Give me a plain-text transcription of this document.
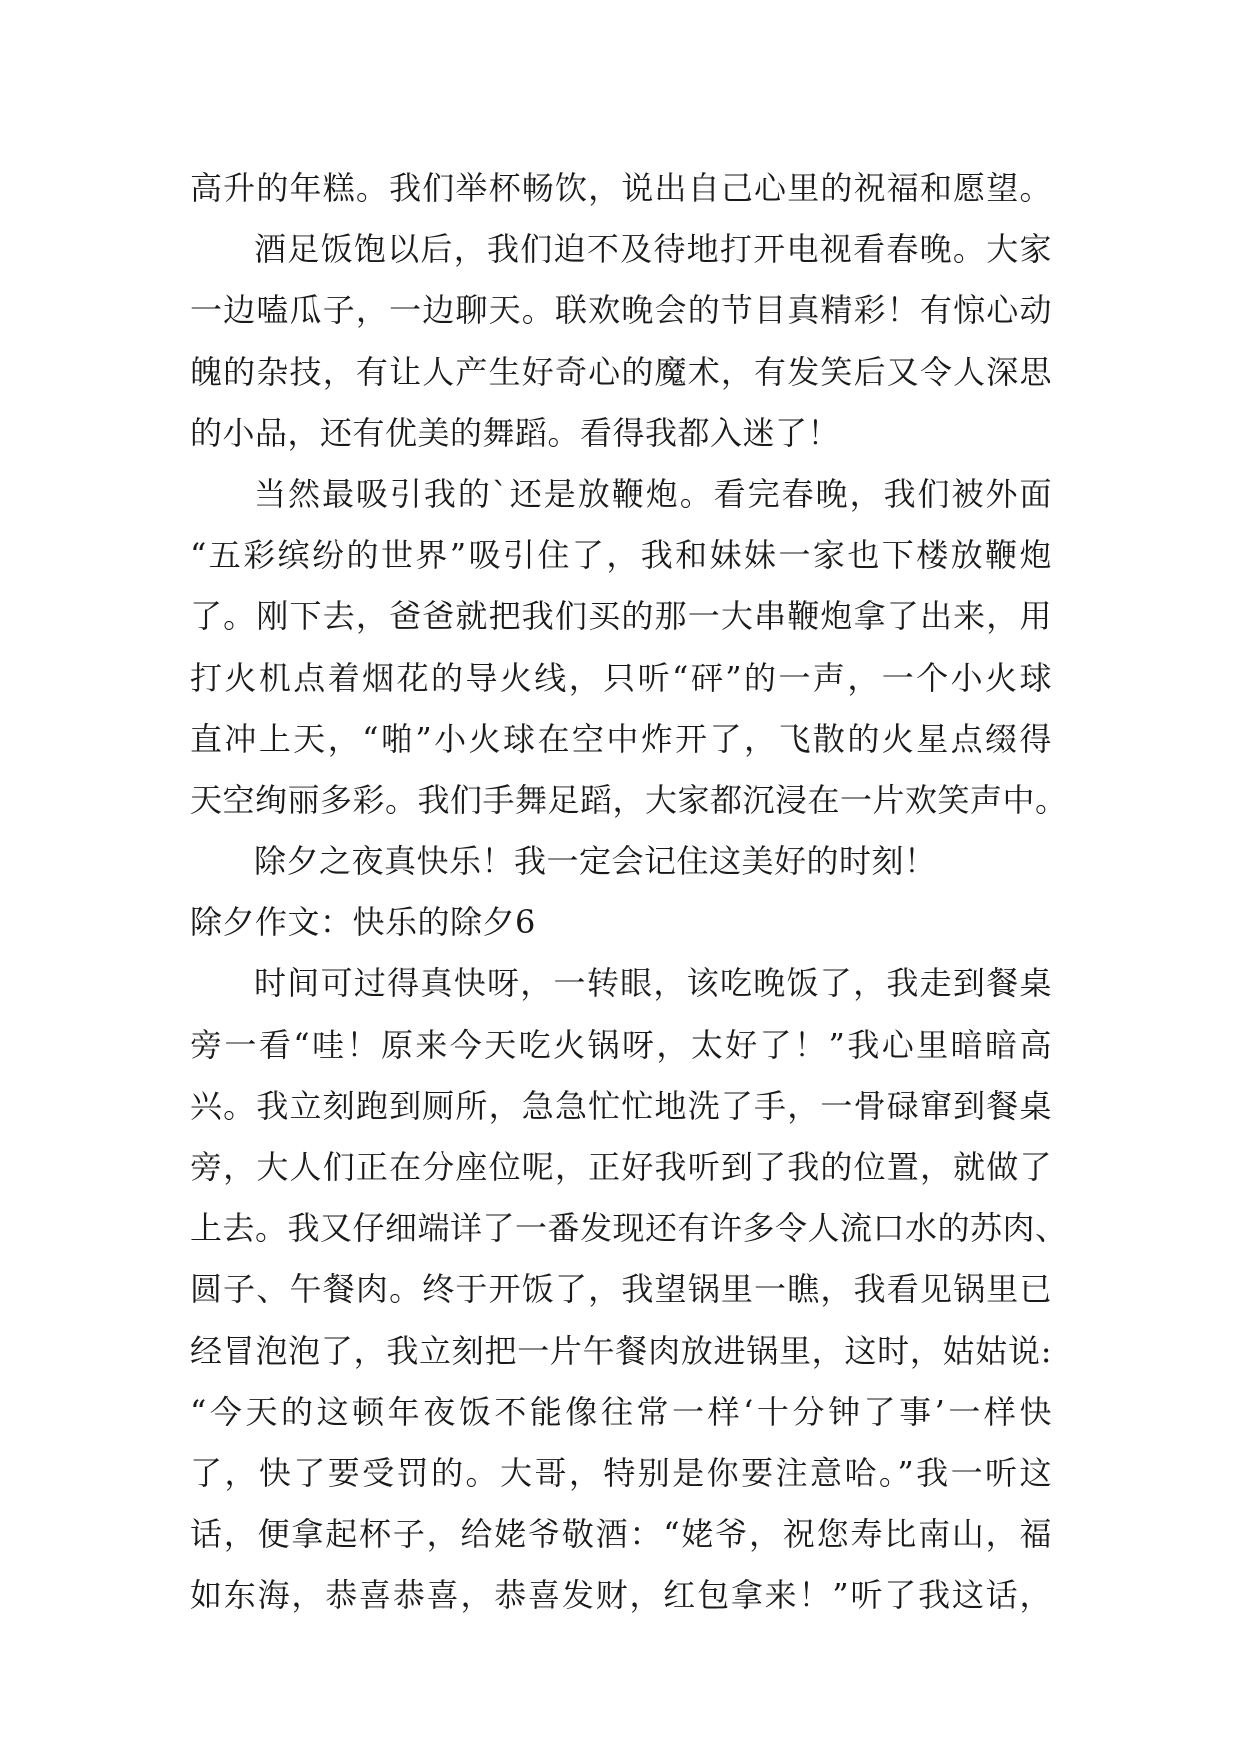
高升的年糕。我们举杯畅饮，说出自己心里的祝福和愿望。
酒足饭饱以后，我们迫不及待地打开电视看春晚。大家
一边嗑瓜子，一边聊天。联欢晚会的节目真精彩！有惊心动
魄的杂技，有让人产生好奇心的魔术，有发笑后又令人深思
的小品，还有优美的舞蹈。看得我都入迷了！
当然最吸引我的`还是放鞭炮。看完春晚，我们被外面
“五彩缤纷的世界”吸引住了，我和妹妹一家也下楼放鞭炮
了。刚下去，爸爸就把我们买的那一大串鞭炮拿了出来，用
打火机点着烟花的导火线，只听“砰”的一声，一个小火球
直冲上天，“啪”小火球在空中炸开了，飞散的火星点缀得
天空绚丽多彩。我们手舞足蹈，大家都沉浸在一片欢笑声中。
除夕之夜真快乐！我一定会记住这美好的时刻！
除夕作文：快乐的除夕6
时间可过得真快呀，一转眼，该吃晚饭了，我走到餐桌
旁一看“哇！原来今天吃火锅呀，太好了！”我心里暗暗高
兴。我立刻跑到厕所，急急忙忙地洗了手，一骨碌窜到餐桌
旁，大人们正在分座位呢，正好我听到了我的位置，就做了
上去。我又仔细端详了一番发现还有许多令人流口水的苏肉、
圆子、午餐肉。终于开饭了，我望锅里一瞧，我看见锅里已
经冒泡泡了，我立刻把一片午餐肉放进锅里，这时，姑姑说:
“今天的这顿年夜饭不能像往常一样‘十分钟了事’一样快
了，快了要受罚的。大哥，特别是你要注意哈。”我一听这
话，便拿起杯子，给姥爷敬酒：“姥爷，祝您寿比南山，福
如东海，恭喜恭喜，恭喜发财，红包拿来！”听了我这话，
